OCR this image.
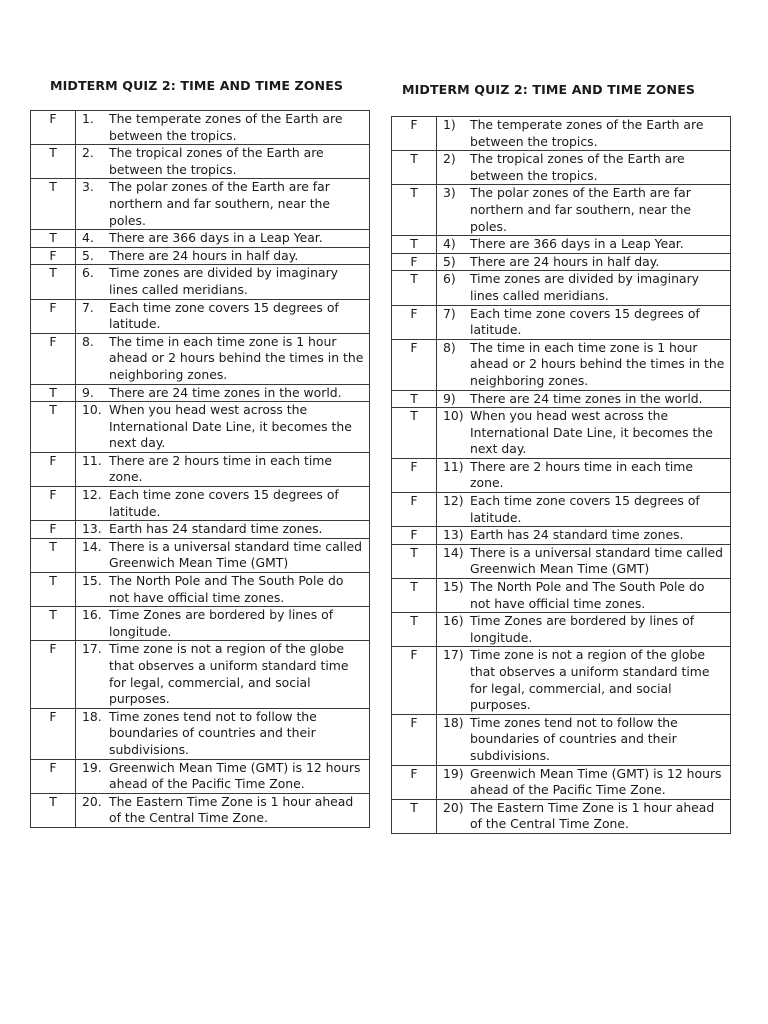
MIDTERM QUIZ 2: TIME AND TIME ZONES
F	1. The temperate zones of the Earth are between the tropics.

T	2. The tropical zones of the Earth are between the tropics.

T	3. The polar zones of the Earth are far northern and far southern, near the poles.

T	4. There are 366 days in a Leap Year.

F	5. There are 24 hours in half day.

T	6. Time zones are divided by imaginary lines called meridians.

F	7. Each time zone covers 15 degrees of latitude.

F	8. The time in each time zone is 1 hour ahead or 2 hours behind the times in the neighboring zones.

T	9. There are 24 time zones in the world.

T	10. When you head west across the International Date Line, it becomes the next day.

F	11. There are 2 hours time in each time zone.

F	12. Each time zone covers 15 degrees of latitude.

F	13. Earth has 24 standard time zones.

T	14. There is a universal standard time called Greenwich Mean Time (GMT)

T	15. The North Pole and The South Pole do not have official time zones.

T	16. Time Zones are bordered by lines of longitude.

F	17. Time zone is not a region of the globe that observes a uniform standard time for legal, commercial, and social purposes.

F	18. Time zones tend not to follow the boundaries of countries and their subdivisions.

F	19. Greenwich Mean Time (GMT) is 12 hours ahead of the Pacific Time Zone.

T	20. The Eastern Time Zone is 1 hour ahead of the Central Time Zone.
MIDTERM QUIZ 2: TIME AND TIME ZONES
F	1) The temperate zones of the Earth are between the tropics.

T	2) The tropical zones of the Earth are between the tropics.

T	3) The polar zones of the Earth are far northern and far southern, near the poles.

T	4) There are 366 days in a Leap Year.

F	5) There are 24 hours in half day.

T	6) Time zones are divided by imaginary lines called meridians.

F	7) Each time zone covers 15 degrees of latitude.

F	8) The time in each time zone is 1 hour ahead or 2 hours behind the times in the neighboring zones.

T	9) There are 24 time zones in the world.

T	10) When you head west across the International Date Line, it becomes the next day.

F	11) There are 2 hours time in each time zone.

F	12) Each time zone covers 15 degrees of latitude.

F	13) Earth has 24 standard time zones.

T	14) There is a universal standard time called Greenwich Mean Time (GMT)

T	15) The North Pole and The South Pole do not have official time zones.

T	16) Time Zones are bordered by lines of longitude.

F	17) Time zone is not a region of the globe that observes a uniform standard time for legal, commercial, and social purposes.

F	18) Time zones tend not to follow the boundaries of countries and their subdivisions.

F	19) Greenwich Mean Time (GMT) is 12 hours ahead of the Pacific Time Zone.

T	20) The Eastern Time Zone is 1 hour ahead of the Central Time Zone.
